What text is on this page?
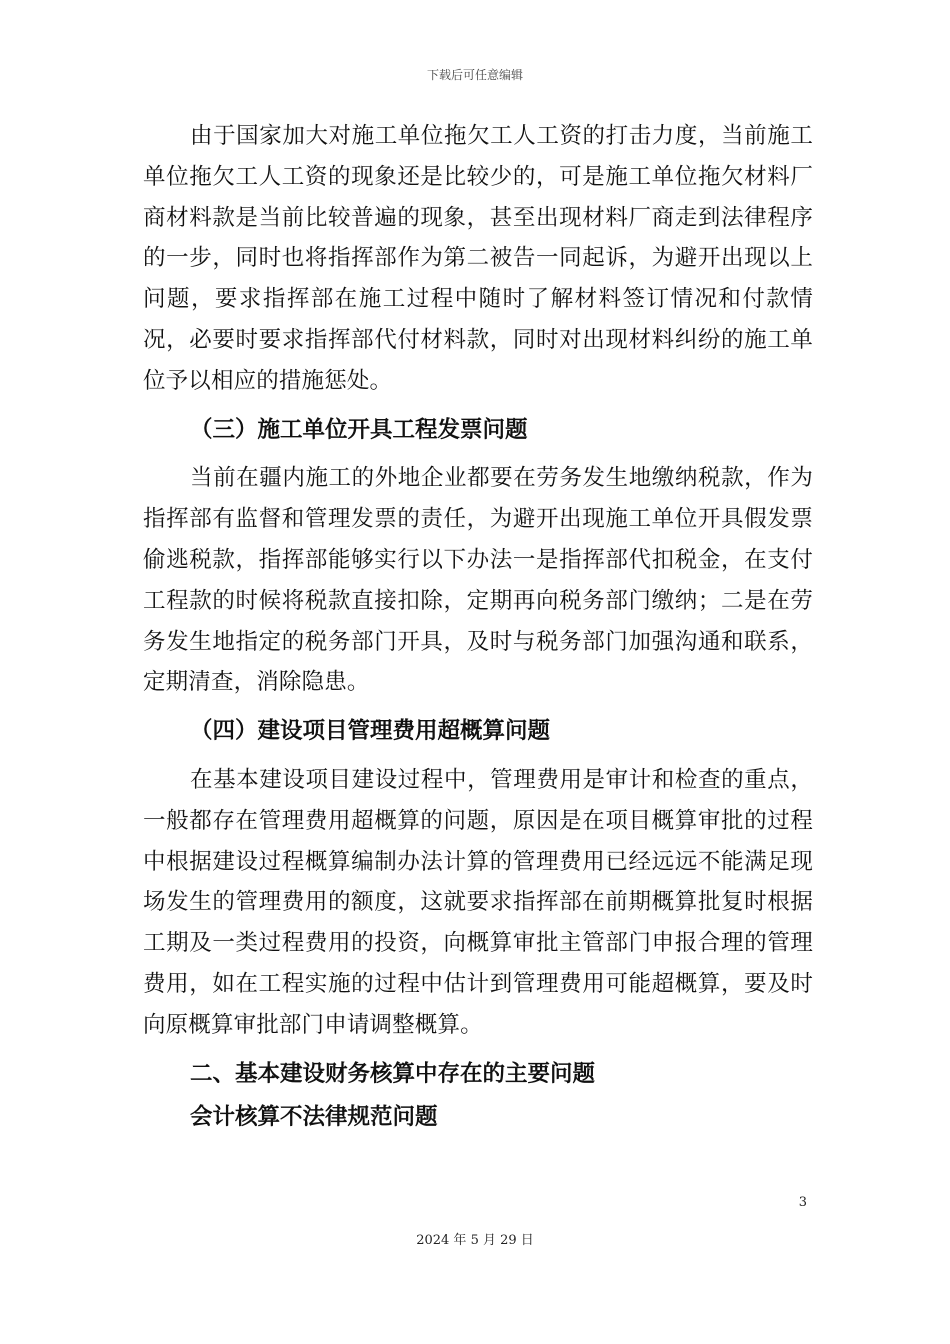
下载后可任意编辑

由于国家加大对施工单位拖欠工人工资的打击力度，当前施工单位拖欠工人工资的现象还是比较少的，可是施工单位拖欠材料厂商材料款是当前比较普遍的现象，甚至出现材料厂商走到法律程序的一步，同时也将指挥部作为第二被告一同起诉，为避开出现以上问题，要求指挥部在施工过程中随时了解材料签订情况和付款情况，必要时要求指挥部代付材料款，同时对出现材料纠纷的施工单位予以相应的措施惩处。

（三）施工单位开具工程发票问题

当前在疆内施工的外地企业都要在劳务发生地缴纳税款，作为指挥部有监督和管理发票的责任，为避开出现施工单位开具假发票偷逃税款，指挥部能够实行以下办法一是指挥部代扣税金，在支付工程款的时候将税款直接扣除，定期再向税务部门缴纳；二是在劳务发生地指定的税务部门开具，及时与税务部门加强沟通和联系，定期清查，消除隐患。

（四）建设项目管理费用超概算问题

在基本建设项目建设过程中，管理费用是审计和检查的重点，一般都存在管理费用超概算的问题，原因是在项目概算审批的过程中根据建设过程概算编制办法计算的管理费用已经远远不能满足现场发生的管理费用的额度，这就要求指挥部在前期概算批复时根据工期及一类过程费用的投资，向概算审批主管部门申报合理的管理费用，如在工程实施的过程中估计到管理费用可能超概算，要及时向原概算审批部门申请调整概算。

二、基本建设财务核算中存在的主要问题
会计核算不法律规范问题
3
2024 年 5 月 29 日
